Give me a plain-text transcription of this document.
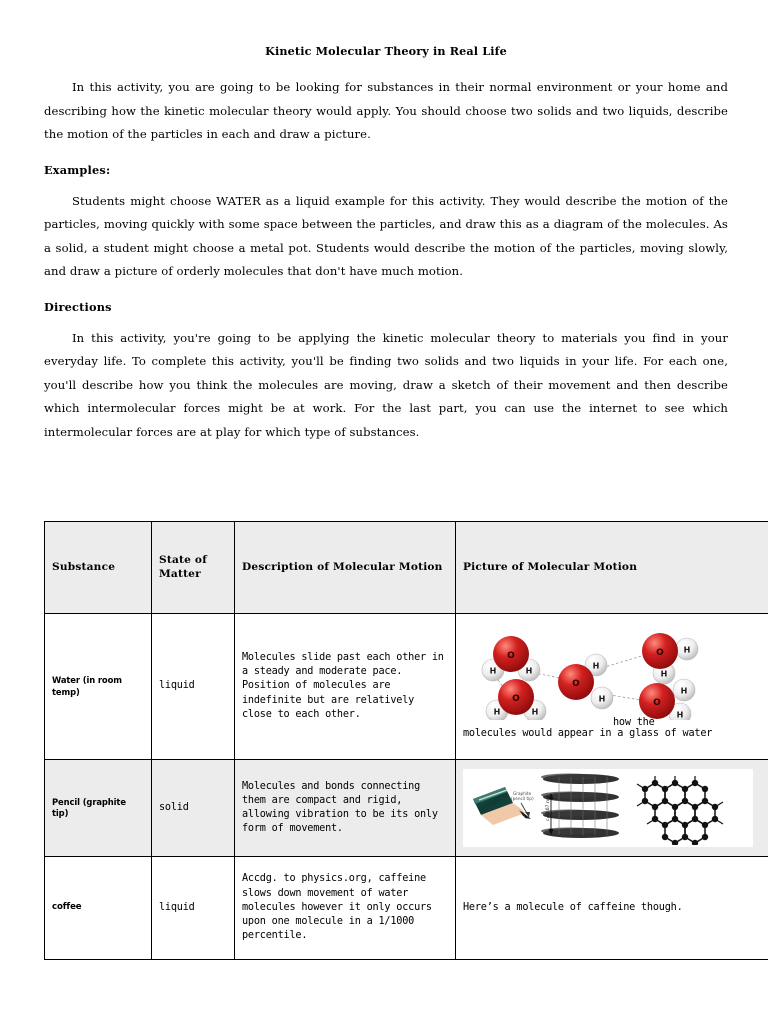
Kinetic Molecular Theory in Real Life

In this activity, you are going to be looking for substances in their normal environment or your home and describing how the kinetic molecular theory would apply. You should choose two solids and two liquids, describe the motion of the particles in each and draw a picture.

Examples:

Students might choose WATER as a liquid example for this activity. They would describe the motion of the particles, moving quickly with some space between the particles, and draw this as a diagram of the molecules. As a solid, a student might choose a metal pot. Students would describe the motion of the particles, moving slowly, and draw a picture of orderly molecules that don't have much motion.

Directions

In this activity, you're going to be applying the kinetic molecular theory to materials you find in your everyday life. To complete this activity, you'll be finding two solids and two liquids in your life. For each one, you'll describe how you think the molecules are moving, draw a sketch of their movement and then describe which intermolecular forces might be at work. For the last part, you can use the internet to see which intermolecular forces are at play for which type of substances.

Substance	State of Matter	Description of Molecular Motion	Picture of Molecular Motion
Water (in room temp)	liquid	Molecules slide past each other in a steady and moderate pace. Position of molecules are indefinite but are relatively close to each other.	
H	H
O
H	H
O
H
H
O
H
H
O
H
H
O
how the
molecules would appear in a glass of water

Pencil (graphite tip)	solid	Molecules and bonds connecting them are compact and rigid, allowing vibration to be its only form of movement.	Graphite
(pencil tip) c=0.67 nm

coffee	liquid	Accdg. to physics.org, caffeine slows down movement of water molecules however it only occurs upon one molecule in a 1/1000 percentile.	Here’s a molecule of caffeine though.
